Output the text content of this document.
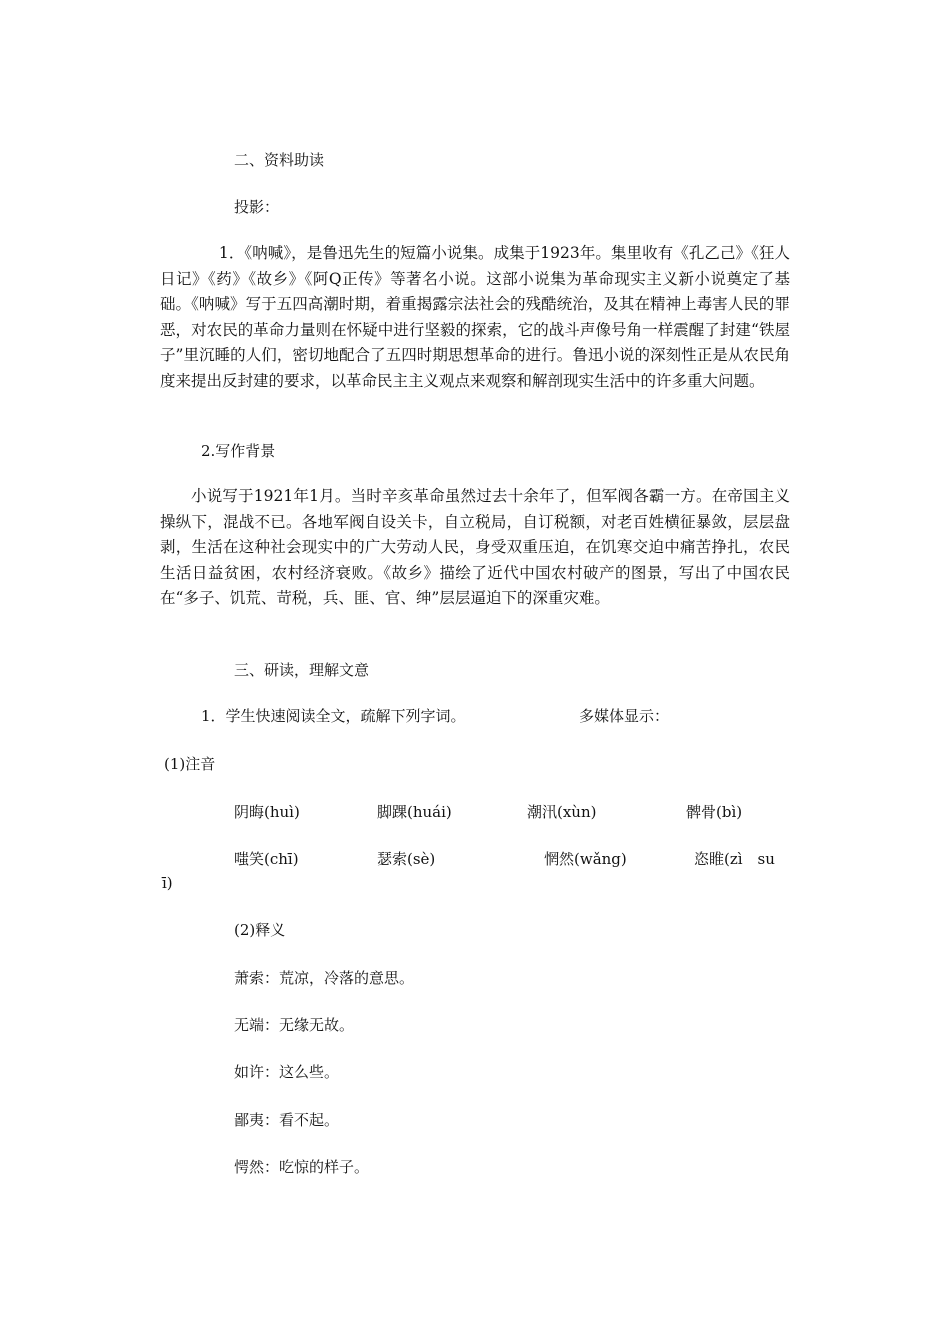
二、资料助读
投影：

1．《呐喊》，是鲁迅先生的短篇小说集。成集于1923年。集里收有《孔乙己》《狂人日记》《药》《故乡》《阿Q正传》等著名小说。这部小说集为革命现实主义新小说奠定了基础。《呐喊》写于五四高潮时期，着重揭露宗法社会的残酷统治，及其在精神上毒害人民的罪恶，对农民的革命力量则在怀疑中进行坚毅的探索，它的战斗声像号角一样震醒了封建“铁屋子”里沉睡的人们，密切地配合了五四时期思想革命的进行。鲁迅小说的深刻性正是从农民角度来提出反封建的要求，以革命民主主义观点来观察和解剖现实生活中的许多重大问题。

2.写作背景

小说写于1921年1月。当时辛亥革命虽然过去十余年了，但军阀各霸一方。在帝国主义操纵下，混战不已。各地军阀自设关卡，自立税局，自订税额，对老百姓横征暴敛，层层盘剥，生活在这种社会现实中的广大劳动人民，身受双重压迫，在饥寒交迫中痛苦挣扎，农民生活日益贫困，农村经济衰败。《故乡》描绘了近代中国农村破产的图景，写出了中国农民在“多子、饥荒、苛税，兵、匪、官、绅”层层逼迫下的深重灾难。

三、研读，理解文意
1．学生快速阅读全文，疏解下列字词。	多媒体显示：
(1)注音
阴晦(huì)	脚踝(huái)	潮汛(xùn)	髀骨(bì)
嗤笑(chī)	瑟索(sè)	惘然(wǎng)	恣睢(zì　su
ī)
(2)释义
萧索：荒凉，冷落的意思。
无端：无缘无故。
如许：这么些。
鄙夷：看不起。
愕然：吃惊的样子。
